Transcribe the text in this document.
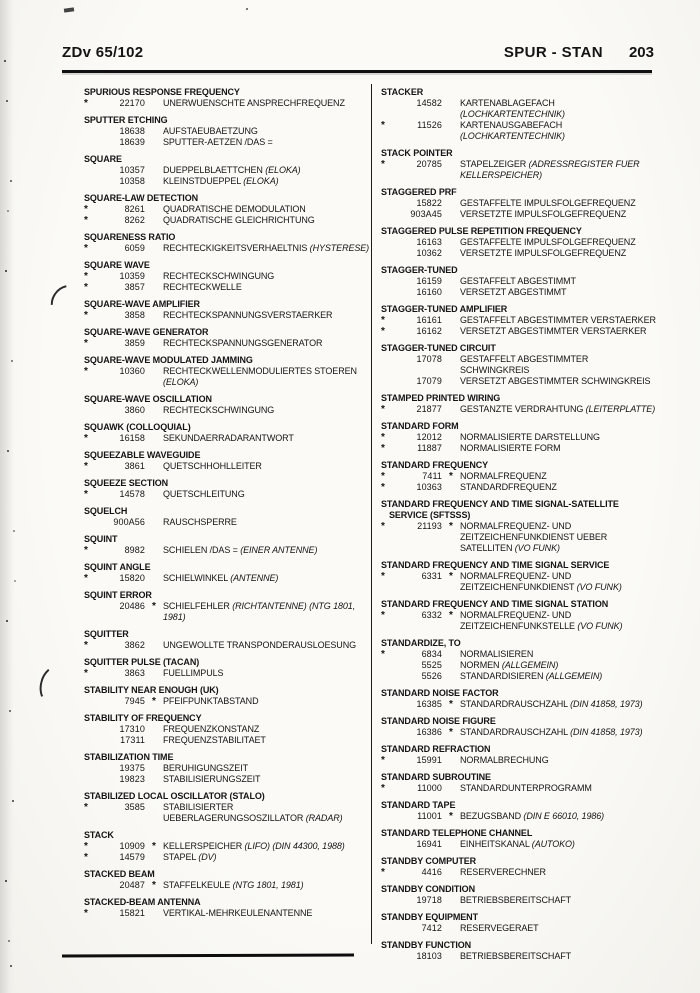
ZDv 65/102	SPUR - STAN 203
SPURIOUS RESPONSE FREQUENCY
*	22170 UNERWUENSCHTE ANSPRECHFREQUENZ
SPUTTER ETCHING
18638 AUFSTAEUBAETZUNG
18639 SPUTTER-AETZEN /DAS =
SQUARE
10357 DUEPPELBLAETTCHEN (ELOKA)
10358 KLEINSTDUEPPEL (ELOKA)
SQUARE-LAW DETECTION
*	8261 QUADRATISCHE DEMODULATION
*	8262 QUADRATISCHE GLEICHRICHTUNG
SQUARENESS RATIO
*	6059 RECHTECKIGKEITSVERHAELTNIS (HYSTERESE)
SQUARE WAVE
*	10359 RECHTECKSCHWINGUNG
*	3857 RECHTECKWELLE
SQUARE-WAVE AMPLIFIER
*	3858 RECHTECKSPANNUNGSVERSTAERKER
SQUARE-WAVE GENERATOR
*	3859 RECHTECKSPANNUNGSGENERATOR
SQUARE-WAVE MODULATED JAMMING
*	10360 RECHTECKWELLENMODULIERTES STOEREN (ELOKA)
SQUARE-WAVE OSCILLATION
3860 RECHTECKSCHWINGUNG
SQUAWK (COLLOQUIAL)
*	16158 SEKUNDAERRADARANTWORT
SQUEEZABLE WAVEGUIDE
*	3861 QUETSCHHOHLLEITER
SQUEEZE SECTION
*	14578 QUETSCHLEITUNG
SQUELCH
900A56 RAUSCHSPERRE
SQUINT
*	8982 SCHIELEN /DAS = (EINER ANTENNE)
SQUINT ANGLE
*	15820 SCHIELWINKEL (ANTENNE)
SQUINT ERROR
20486 * SCHIELFEHLER (RICHTANTENNE) (NTG 1801, 1981)
SQUITTER
*	3862 UNGEWOLLTE TRANSPONDERAUSLOESUNG
SQUITTER PULSE (TACAN)
*	3863 FUELLIMPULS
STABILITY NEAR ENOUGH (UK)
7945 * PFEIFPUNKTABSTAND
STABILITY OF FREQUENCY
17310 FREQUENZKONSTANZ
17311 FREQUENZSTABILITAET
STABILIZATION TIME
19375 BERUHIGUNGSZEIT
19823 STABILISIERUNGSZEIT
STABILIZED LOCAL OSCILLATOR (STALO)
*	3585 STABILISIERTER UEBERLAGERUNGSOSZILLATOR (RADAR)
STACK
*	10909 * KELLERSPEICHER (LIFO) (DIN 44300, 1988)
*	14579 STAPEL (DV)
STACKED BEAM
20487 * STAFFELKEULE (NTG 1801, 1981)
STACKED-BEAM ANTENNA
*	15821 VERTIKAL-MEHRKEULENANTENNE
STACKER
14582 KARTENABLAGEFACH (LOCHKARTENTECHNIK)
*	11526 KARTENAUSGABEFACH (LOCHKARTENTECHNIK)
STACK POINTER
*	20785 STAPELZEIGER (ADRESSREGISTER FUER KELLERSPEICHER)
STAGGERED PRF
15822 GESTAFFELTE IMPULSFOLGEFREQUENZ
903A45 VERSETZTE IMPULSFOLGEFREQUENZ
STAGGERED PULSE REPETITION FREQUENCY
16163 GESTAFFELTE IMPULSFOLGEFREQUENZ
10362 VERSETZTE IMPULSFOLGEFREQUENZ
STAGGER-TUNED
16159 GESTAFFELT ABGESTIMMT
16160 VERSETZT ABGESTIMMT
STAGGER-TUNED AMPLIFIER
*	16161 GESTAFFELT ABGESTIMMTER VERSTAERKER
*	16162 VERSETZT ABGESTIMMTER VERSTAERKER
STAGGER-TUNED CIRCUIT
17078 GESTAFFELT ABGESTIMMTER SCHWINGKREIS
17079 VERSETZT ABGESTIMMTER SCHWINGKREIS
STAMPED PRINTED WIRING
*	21877 GESTANZTE VERDRAHTUNG (LEITERPLATTE)
STANDARD FORM
*	12012 NORMALISIERTE DARSTELLUNG
*	11887 NORMALISIERTE FORM
STANDARD FREQUENCY
*	7411 * NORMALFREQUENZ
*	10363 STANDARDFREQUENZ
STANDARD FREQUENCY AND TIME SIGNAL-SATELLITE SERVICE (SFTSSS)
*	21193 * NORMALFREQUENZ- UND ZEITZEICHENFUNKDIENST UEBER SATELLITEN (VO FUNK)
STANDARD FREQUENCY AND TIME SIGNAL SERVICE
*	6331 * NORMALFREQUENZ- UND ZEITZEICHENFUNKDIENST (VO FUNK)
STANDARD FREQUENCY AND TIME SIGNAL STATION
*	6332 * NORMALFREQUENZ- UND ZEITZEICHENFUNKSTELLE (VO FUNK)
STANDARDIZE, TO
*	6834 NORMALISIEREN
5525 NORMEN (ALLGEMEIN)
5526 STANDARDISIEREN (ALLGEMEIN)
STANDARD NOISE FACTOR
16385 * STANDARDRAUSCHZAHL (DIN 41858, 1973)
STANDARD NOISE FIGURE
16386 * STANDARDRAUSCHZAHL (DIN 41858, 1973)
STANDARD REFRACTION
*	15991 NORMALBRECHUNG
STANDARD SUBROUTINE
*	11000 STANDARDUNTERPROGRAMM
STANDARD TAPE
11001 * BEZUGSBAND (DIN E 66010, 1986)
STANDARD TELEPHONE CHANNEL
16941 EINHEITSKANAL (AUTOKO)
STANDBY COMPUTER
*	4416 RESERVERECHNER
STANDBY CONDITION
19718 BETRIEBSBEREITSCHAFT
STANDBY EQUIPMENT
7412 RESERVEGERAET
STANDBY FUNCTION
18103 BETRIEBSBEREITSCHAFT
